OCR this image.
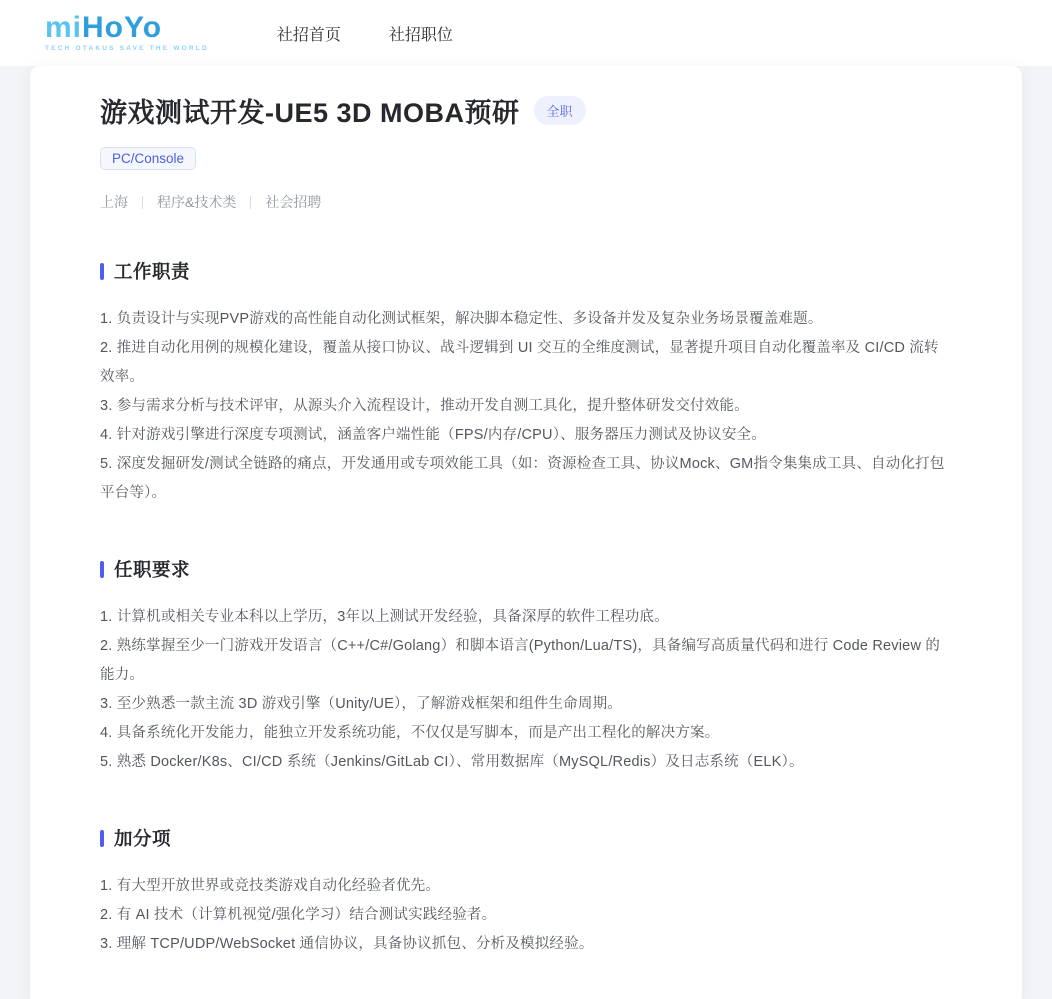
miHoYo
TECH OTAKUS SAVE THE WORLD
社招首页	社招职位
游戏测试开发-UE5 3D MOBA预研	全职
PC/Console
上海 程序&技术类 社会招聘
工作职责
1. 负责设计与实现PVP游戏的高性能自动化测试框架，解决脚本稳定性、多设备并发及复杂业务场景覆盖难题。
2. 推进自动化用例的规模化建设，覆盖从接口协议、战斗逻辑到 UI 交互的全维度测试，显著提升项目自动化覆盖率及 CI/CD 流转效率。
3. 参与需求分析与技术评审，从源头介入流程设计，推动开发自测工具化，提升整体研发交付效能。
4. 针对游戏引擎进行深度专项测试，涵盖客户端性能（FPS/内存/CPU）、服务器压力测试及协议安全。
5. 深度发掘研发/测试全链路的痛点，开发通用或专项效能工具（如：资源检查工具、协议Mock、GM指令集集成工具、自动化打包平台等）。
任职要求
1. 计算机或相关专业本科以上学历，3年以上测试开发经验，具备深厚的软件工程功底。
2. 熟练掌握至少一门游戏开发语言（C++/C#/Golang）和脚本语言(Python/Lua/TS)，具备编写高质量代码和进行 Code Review 的能力。
3. 至少熟悉一款主流 3D 游戏引擎（Unity/UE），了解游戏框架和组件生命周期。
4. 具备系统化开发能力，能独立开发系统功能，不仅仅是写脚本，而是产出工程化的解决方案。
5. 熟悉 Docker/K8s、CI/CD 系统（Jenkins/GitLab CI）、常用数据库（MySQL/Redis）及日志系统（ELK）。
加分项
1. 有大型开放世界或竞技类游戏自动化经验者优先。
2. 有 AI 技术（计算机视觉/强化学习）结合测试实践经验者。
3. 理解 TCP/UDP/WebSocket 通信协议，具备协议抓包、分析及模拟经验。
